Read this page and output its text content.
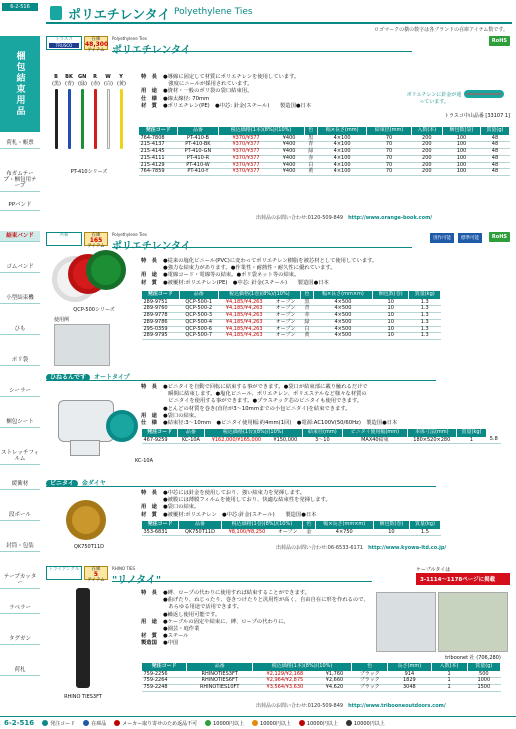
6-2-516
梱包結束用品
荷札・帳票
布ガムテープ・梱包用テープ
PPバンド
結束バンド
ゴムバンド
小型結束機
ひも
ポリ袋
シーラー
梱包シート
ストレッチフィルム
緩衝材
段ボール
封筒・包装
テープカッター
ラベラー
タグガン
荷札
ポリエチレンタイ Polyethylene Ties
ロゴマークの横の数字は各ブランドの在庫アイテム数です。
トラスコ
TRUSCO
在庫
48,300
アイテム
Polyethylene Ties
ポリエチレンタイ
RoHS
B
(黒)
BK
(青)
GN
(緑)
R
(赤)
W
(白)
Y
(黄)
PT-410シリーズ
特　長 ●導線に固定して材質にポリエチレンを使用しています。
　強度にニールが採用されています。
用　途 ●資材・一般のポリ袋の袋口結束用。
仕　様 ●線太線径: 70mm
材　質 ●ポリエチレン(PE)　●中芯: 針金(スチール)　　製造国●日本
ポリエチレンに針金が通っています。
トラスコ中山品番 [33107 1]
発注コード	品番	税込価格(1本)(8%)/(10%)		色	幅×長さ(mm)	結束径(mm)	入数(本)	梱包数(袋)	質量(g)
764-7808	PT-410-B	¥370/¥377	¥400	黒	4×100	70	200	100	48
215-4137	PT-410-BK	¥370/¥377	¥400	青	4×100	70	200	100	48
215-4145	PT-410-GN	¥370/¥377	¥400	緑	4×100	70	200	100	48
215-4111	PT-410-R	¥370/¥377	¥400	赤	4×100	70	200	100	48
215-4129	PT-410-W	¥370/¥377	¥400	白	4×100	70	200	100	48
764-7859	PT-410-Y	¥370/¥377	¥400	黄	4×100	70	200	100	48
出荷品のお問い合わせ:0120-509-849　 http://www.orange-book.com/
共和	在庫
165
アイテム
Polyethylene Ties
ポリエチレンタイ
別作可能	標準可能	RoHS
QCP-500シリーズ
特　長 ●従来の塩化ビニール(PVC)に変わってポリエチレン樹脂を被芯材として使用しています。
●強力な結束力があります。●作業性・耐熱性・耐久性に優れています。
用　途 ●電線コード・電線等の結束。●ポリ袋ネット等の結束。
材　質 ●被覆材:ポリエチレン(PE)　●中芯: 針金(スチール)　　製造国●日本
使用例
発注コード	品番	税込価格(1巻)(8%)/(10%)		色	幅×長さ(mm×m)	梱包数(巻)	質量(kg)
289-9751	QCP-500-1	¥4,185/¥4,263	オープン	黒	4×500	10	1.3
289-9760	QCP-500-2	¥4,185/¥4,263	オープン	青	4×500	10	1.3
289-9778	QCP-500-3	¥4,185/¥4,263	オープン	赤	4×500	10	1.3
289-9786	QCP-500-4	¥4,185/¥4,263	オープン	緑	4×500	10	1.3
295-0359	QCP-500-6	¥4,185/¥4,263	オープン	白	4×500	10	1.3
289-9795	QCP-500-7	¥4,185/¥4,263	オープン	黄	4×500	10	1.3
ひねるんです オートタイプ
KC-10A
特　長 ●ビニタイを自動で回転に結束する事ができます。●袋口が結束部に載り触れるだけで
　瞬間に結束します。●塩化ビニール、ポリエチレン、ポリエステルなど様々な材質の
　ビニタイを使用する事ができます。●プラスチック芯のビニタイも使用できます。
●とんどの材質を巻き(直径が3～10mmまでの小包ビニタイ)を結束できます。
用　途 ●袋口の結束。
仕　様 ●結束径:3～10mm　●ビニタイ使用幅:約4mm(1回)　●電源:AC100V(50/60Hz)　製造国●日本
発注コード	品番	税込価格(1台)(8%)/(10%)		結束径(mm)	ビニタイ使用幅(mm)	本体寸法(mm)	質量(kg)	
467-9259	KC-10A	¥162,000/¥165,000	¥150,000	3～10	MAX40結束	180×520×280	1	5.8
ビニタイ 金ダイヤ
QK750T11D
特　長 ●中芯には針金を使用しており、強い結束力を発揮します。
●被膜には薄膜フィルムを使用しており、快適な結束性を発揮します。
用　途 ●袋口の結束。
材　質 ●被覆材:ポリエチレン　●中芯:針金(スチール)　　製造国●日本
発注コード	品番	税込価格(1巻)(8%)/(10%)		色	幅×長さ(mm×m)	梱包数(巻)	質量(kg)
353-6831	QK750T11D	¥8,100/¥8,250	オープン	金	4×750	10	1.5
出荷品のお問い合わせ:06-6533-6171　 http://www.kyowa-ltd.co.jp/
トライアングル	在庫
5
アイテム
RHINO TIES
"リノタイ"
ケーブルタイは
3-1114～1178ページに掲載
RHINO TIES3FT
特　長 ●縛、ロープの代わりに使用すれば結束することができます。
●曲げたり、ねじったり、巻きつけたりと汎用性が高く、自由自在に形を作れるので、
　あらゆる用途で活用できます。
●繰返し使用可能です。
用　途 ●ケーブルの固定や結束に、縛、ロープの代わりに。
●園芸・庭作業
材　質 ●スチール
製造国 ●中国
triboonet 社 (706,280)
発注コード	品番	税込価格(1本)(8%)/(10%)		色	長さ(mm)	入数(本)	質量(g)
759-2256	RHINOTIES3FT	¥2,129/¥2,168	¥1,760	ブラック	914	1	500
759-2264	RHINOTIES6FT	¥2,964/¥2,875	¥2,660	ブラック	1829	1	1000
759-2248	RHINOTIES10FT	¥3,564/¥3,630	¥4,620	ブラック	3048	1	1500
出荷品のお問い合わせ:0120-509-849　 http://www.tribooneoutdoors.com/
6-2-516	発注コード	在庫品	メーカー取り寄せのため返品不可	10000円以上	10000円以上	10000円以上	10000円以上
